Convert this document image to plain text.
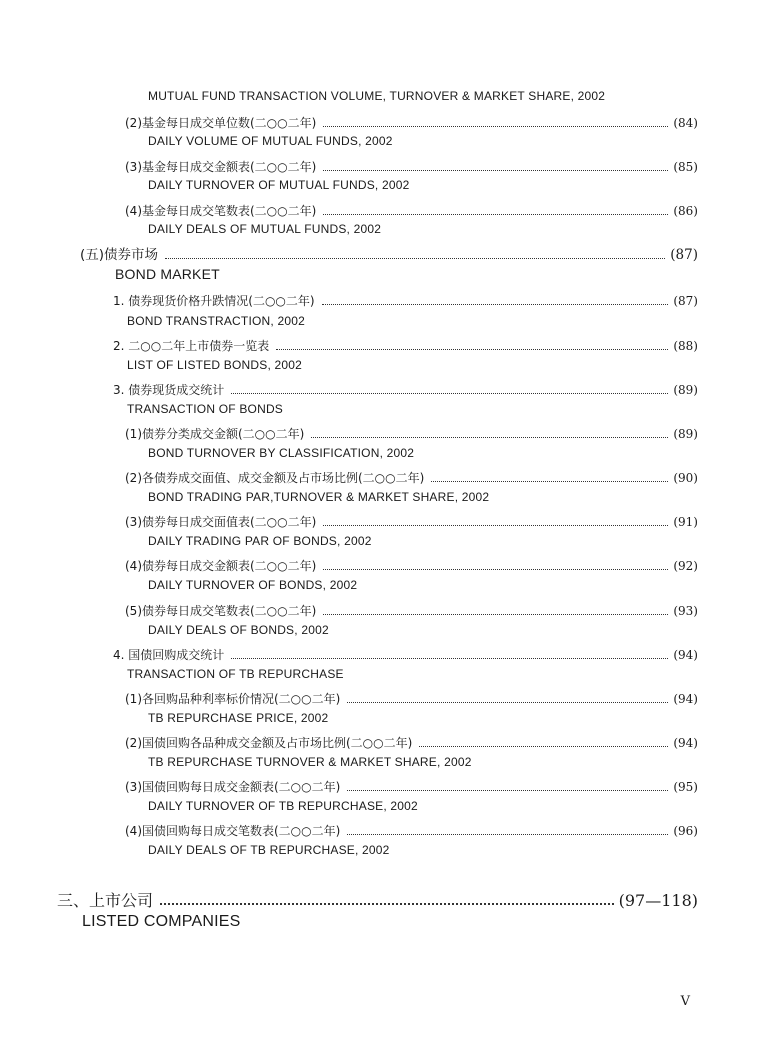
MUTUAL FUND TRANSACTION VOLUME, TURNOVER & MARKET SHARE, 2002
(2)基金每日成交单位数(二○○二年)	(84)
DAILY VOLUME OF MUTUAL FUNDS, 2002
(3)基金每日成交金额表(二○○二年)	(85)
DAILY TURNOVER OF MUTUAL FUNDS, 2002
(4)基金每日成交笔数表(二○○二年)	(86)
DAILY DEALS OF MUTUAL FUNDS, 2002
(五)债券市场	(87)
BOND MARKET
1. 债券现货价格升跌情况(二○○二年)	(87)
BOND TRANSTRACTION, 2002
2. 二○○二年上市债券一览表	(88)
LIST OF LISTED BONDS, 2002
3. 债券现货成交统计	(89)
TRANSACTION OF BONDS
(1)债券分类成交金额(二○○二年)	(89)
BOND TURNOVER BY CLASSIFICATION, 2002
(2)各债券成交面值、成交金额及占市场比例(二○○二年)	(90)
BOND TRADING PAR,TURNOVER & MARKET SHARE, 2002
(3)债券每日成交面值表(二○○二年)	(91)
DAILY TRADING PAR OF BONDS, 2002
(4)债券每日成交金额表(二○○二年)	(92)
DAILY TURNOVER OF BONDS, 2002
(5)债券每日成交笔数表(二○○二年)	(93)
DAILY DEALS OF BONDS, 2002
4. 国债回购成交统计	(94)
TRANSACTION OF TB REPURCHASE
(1)各回购品种利率标价情况(二○○二年)	(94)
TB REPURCHASE PRICE, 2002
(2)国债回购各品种成交金额及占市场比例(二○○二年)	(94)
TB REPURCHASE TURNOVER & MARKET SHARE, 2002
(3)国债回购每日成交金额表(二○○二年)	(95)
DAILY TURNOVER OF TB REPURCHASE, 2002
(4)国债回购每日成交笔数表(二○○二年)	(96)
DAILY DEALS OF TB REPURCHASE, 2002
三、上市公司	(97—118)
LISTED COMPANIES
V
